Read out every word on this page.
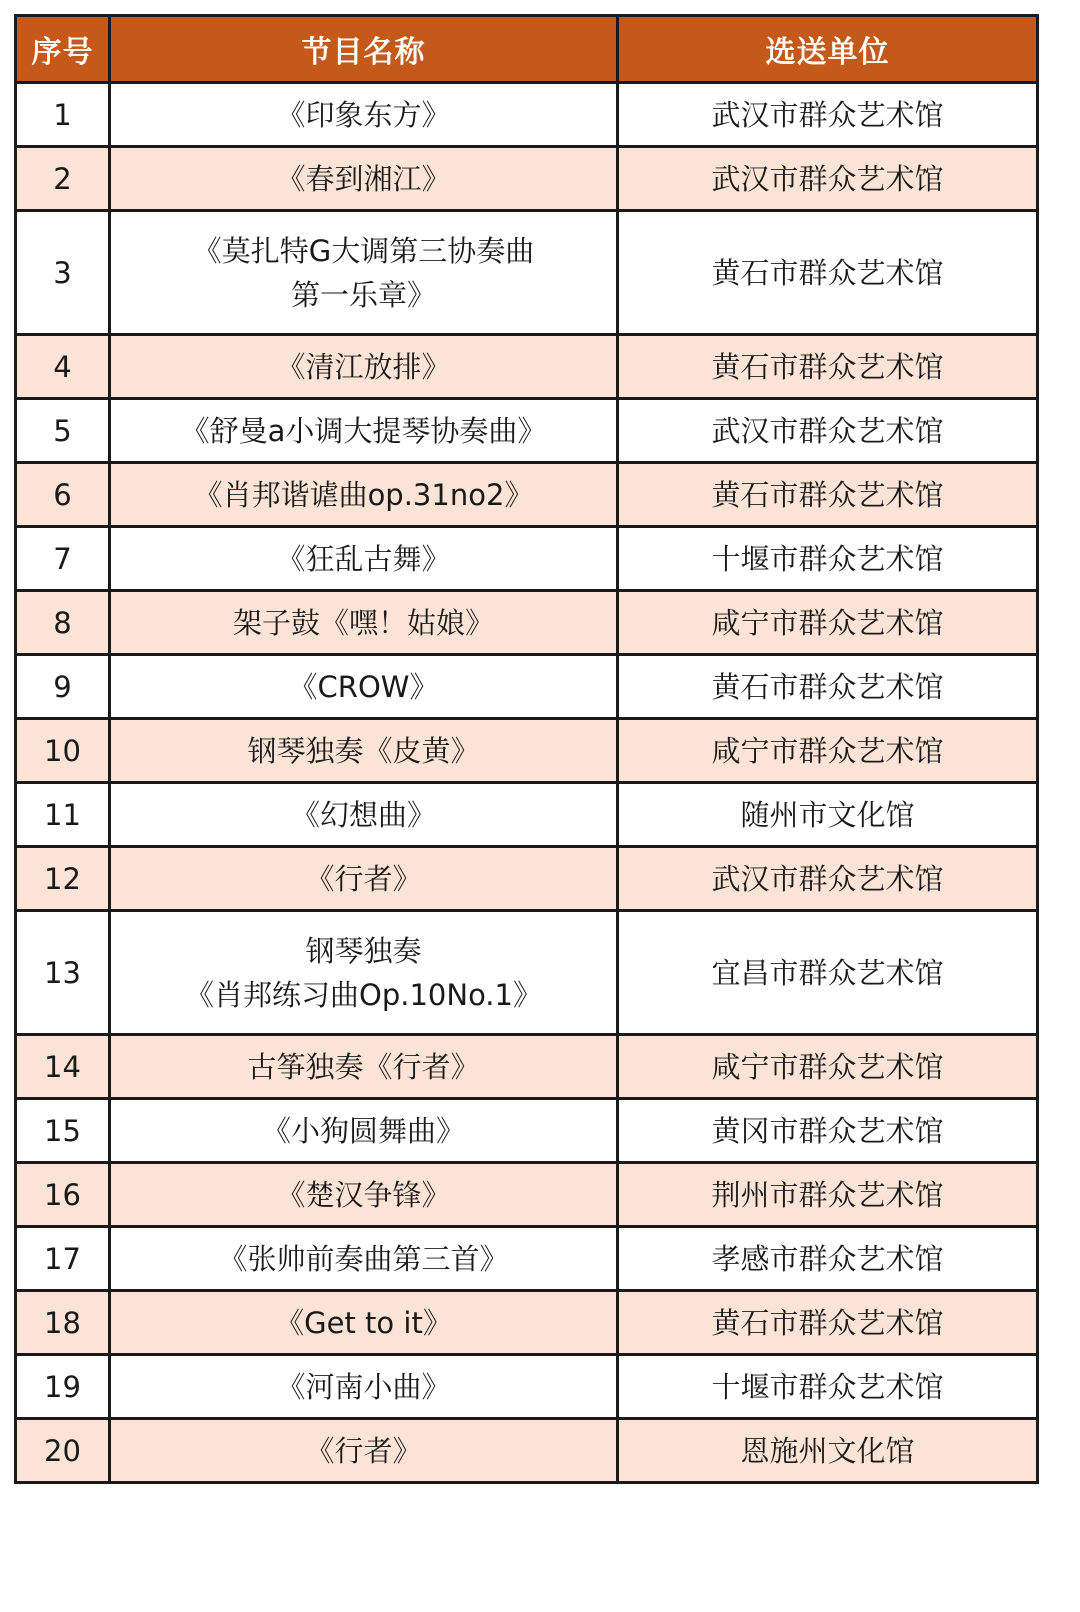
序号	节目名称	选送单位
1	《印象东方》	武汉市群众艺术馆
2	《春到湘江》	武汉市群众艺术馆
3	《莫扎特G大调第三协奏曲
第一乐章》	黄石市群众艺术馆
4	《清江放排》	黄石市群众艺术馆
5	《舒曼a小调大提琴协奏曲》	武汉市群众艺术馆
6	《肖邦谐谑曲op.31no2》	黄石市群众艺术馆
7	《狂乱古舞》	十堰市群众艺术馆
8	架子鼓《嘿！姑娘》	咸宁市群众艺术馆
9	《CROW》	黄石市群众艺术馆
10	钢琴独奏《皮黄》	咸宁市群众艺术馆
11	《幻想曲》	随州市文化馆
12	《行者》	武汉市群众艺术馆
13	钢琴独奏
《肖邦练习曲Op.10No.1》	宜昌市群众艺术馆
14	古筝独奏《行者》	咸宁市群众艺术馆
15	《小狗圆舞曲》	黄冈市群众艺术馆
16	《楚汉争锋》	荆州市群众艺术馆
17	《张帅前奏曲第三首》	孝感市群众艺术馆
18	《Get to it》	黄石市群众艺术馆
19	《河南小曲》	十堰市群众艺术馆
20	《行者》	恩施州文化馆
